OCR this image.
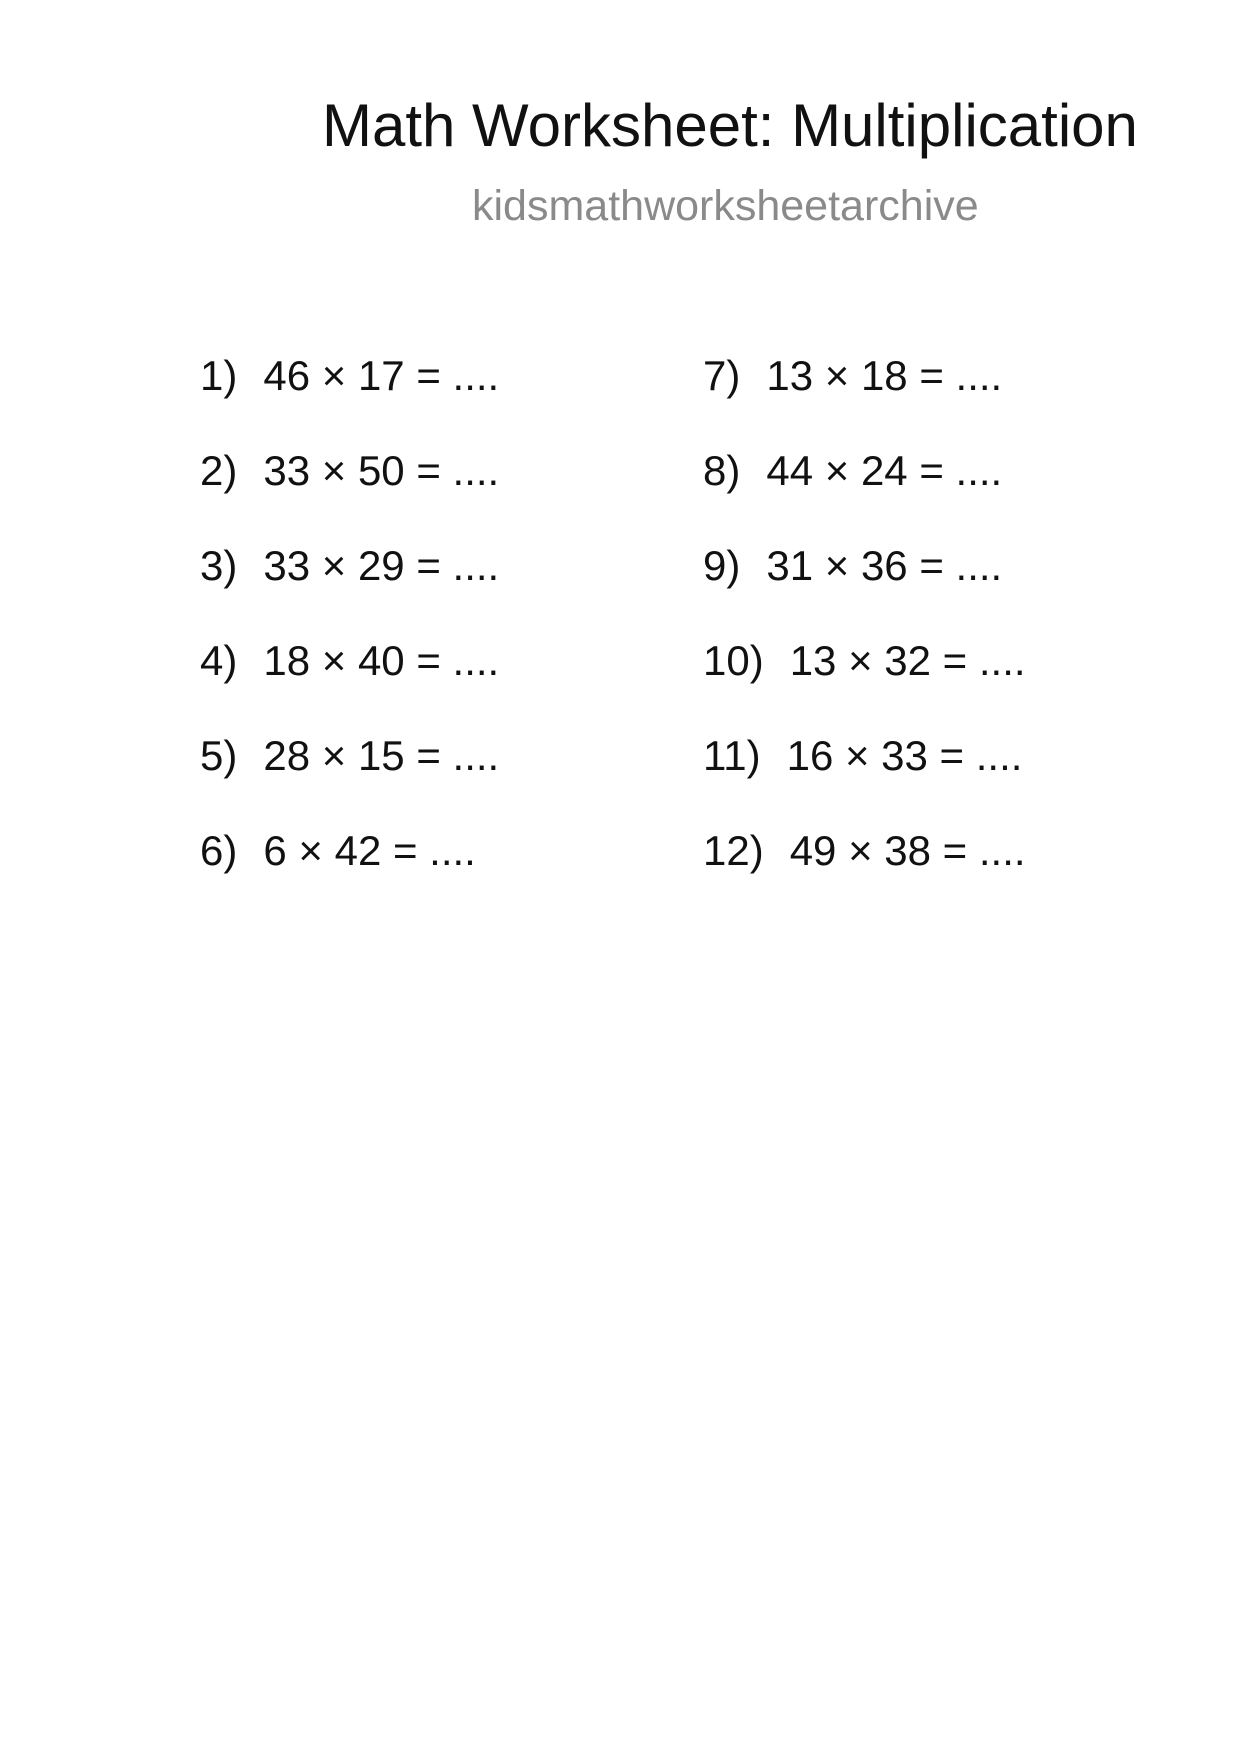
Math Worksheet: Multiplication
kidsmathworksheetarchive
1) 46 × 17 = ....
2) 33 × 50 = ....
3) 33 × 29 = ....
4) 18 × 40 = ....
5) 28 × 15 = ....
6) 6 × 42 = ....
7) 13 × 18 = ....
8) 44 × 24 = ....
9) 31 × 36 = ....
10) 13 × 32 = ....
11) 16 × 33 = ....
12) 49 × 38 = ....
